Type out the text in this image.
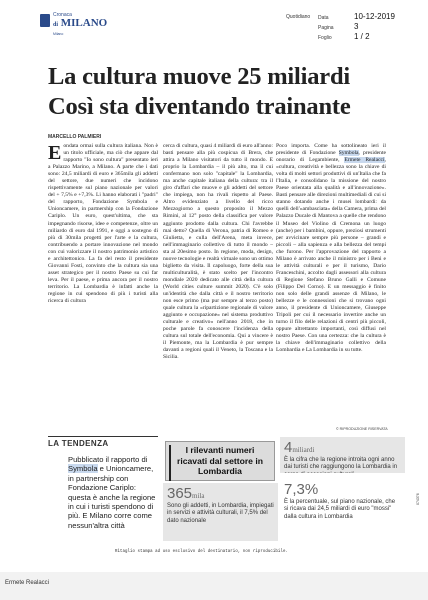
Cronaca
di MILANO
Milano
Quotidiano Data	10-12-2019
Pagina	3
Foglio	1 / 2
La cultura muove 25 miliardi
Così sta diventando trainante
MARCELLO PALMIERI
Eondata ormai sulla cultura italiana. Non è un titolo ufficiale, ma ciò che appare dal rapporto "Io sono cultura" presentato ieri a Palazzo Marino, a Milano. A parte che i dati sono: 24,5 miliardi di euro e 365mila gli addetti del settore, due numeri che incidono rispettivamente sul piano nazionale per valori del + 7,5% e +7,3%. Li hanno elaborati i "padri" del rapporto, Fondazione Symbola e Unioncamere, in partnership con la Fondazione Cariplo. Un euro, quest'ultima, che sta impegnando risorse, idee e competenze, oltre un miliardo di euro dal 1991, e oggi a sostegno di più di 30mila progetti per l'arte e la cultura, contribuendo a portare innovazione nel mondo con cui valorizzare il nostro patrimonio artistico e architettonico. La fa del resto il presidente Giovanni Fosti, convinto che la cultura sia una asset strategico per il nostro Paese su cui far leva. Per il paese, e prima ancora per il nostro territorio. La Lombardia è infatti anche la regione in cui spendono di più i turisti alla ricerca di cultura
cerca di cultura, quasi 4 miliardi di euro all'anno: basti pensare alla più cospicua di Brera, che attira a Milano visitatori da tutto il mondo. E proprio la Lombardia – il più alto, ma il cui confermano non solo "capitale" la Lombardia, ma anche capitale italiana della cultura: tra il giro d'affari che muove e gli addetti del settore che impiega, non ha rivali rispetto al Paese. Altro evidenziato a livello del ricco Mezzogiorno a questo proposito il Mezzo Rimini, al 12° posto della classifica per valore aggiunto prodotto dalla cultura. Chi l'avrebbe mai detto? Quella di Verona, patria di Romeo e Giulietta, e culla dell'Arena, meta invece, nell'immaginario collettivo di tutto il mondo – sta al 20esimo posto. In regione, moda, design, nuove tecnologie e realtà virtuale sono un ottimo biglietto da visita. Il capoluogo, forte della sua multiculturalità, è stato scelto per l'incontro mondiale 2020 dedicato alle città della cultura (World cities culture summit 2020). C'è solo un'identità che dalla città e il nostro territorio non esce primo (ma pur sempre al terzo posto) quale cultura la «ripartizione regionale di valore aggiunto e occupazione» nel sistema produttivo culturale e creativo» nell'anno 2018, che in poche parole fa conoscere l'incidenza della cultura sul totale dell'economia. Qui a vincere è il Piemonte, ma la Lombardia è pur sempre davanti a regioni quali il Veneto, la Toscana e la Sicilia.
Poco importa. Come ha sottolineato ieri il presidente di Fondazione Symbola, presidente onorario di Legambiente, Ermete Realacci, «cultura, creatività e bellezza sono la chiave di volta di molti settori produttivi di un'Italia che fa l'Italia, e consolidano la missione del nostro Paese orientata alla qualità e all'innovazione». Basti pensare alle direzioni multimediali di cui si stanno dotando anche i musei lombardi: da quelli dell'«ambasciata» della Camera, prima del Palazzo Ducale di Mantova a quelle che rendono il Museo del Violino di Cremona un luogo (anche) per i bambini, oppure, preziosi strumenti per avvicinare sempre più persone – grandi e piccoli – alla sapienza e alla bellezza del tempi che furono. Per l'approvazione del rapporto a Milano è arrivato anche il ministro per i Beni e le attività culturali e per il turismo, Dario Franceschini, accolto dagli assessori alla cultura di Regione Stefano Bruno Galli e Comune (Filippo Del Corno). E un messaggio è finito non solo delle grandi assenze di Milano, le bellezze e le connessioni che si trovano ogni anno, il presidente di Unioncamere, Giuseppe Tripoli per cui il necessario invertire anche un turno il filo delle relazioni di centri più piccoli, oppure altrettanto importanti, così diffusi nel nostro Paese. Con una certezza: che la cultura è la chiave dell'immaginario collettivo della Lombardia e La Lombardia in su tutte.
© RIPRODUZIONE RISERVATA
LA TENDENZA
Pubblicato il rapporto di Symbola e Unioncamere, in partnership con Fondazione Cariplo: questa è anche la regione in cui i turisti spendono di più. E Milano corre come nessun'altra città
I rilevanti numeri ricavati dal settore in Lombardia
4miliardi
È la cifra che la regione introita ogni anno dai turisti che raggiungono la Lombardia in
365mila
Sono gli addetti, in Lombardia, impiegati in servizi e attività culturali, il 7,5% del dato nazionale
7,3%
È la percentuale, sul piano nazionale, che si ricava dai 24,5 miliardi di euro "mossi" dalla cultura in Lombardia
Ritaglio stampa ad uso esclusivo del destinatario, non riproducibile.
074376
Ermete Realacci
